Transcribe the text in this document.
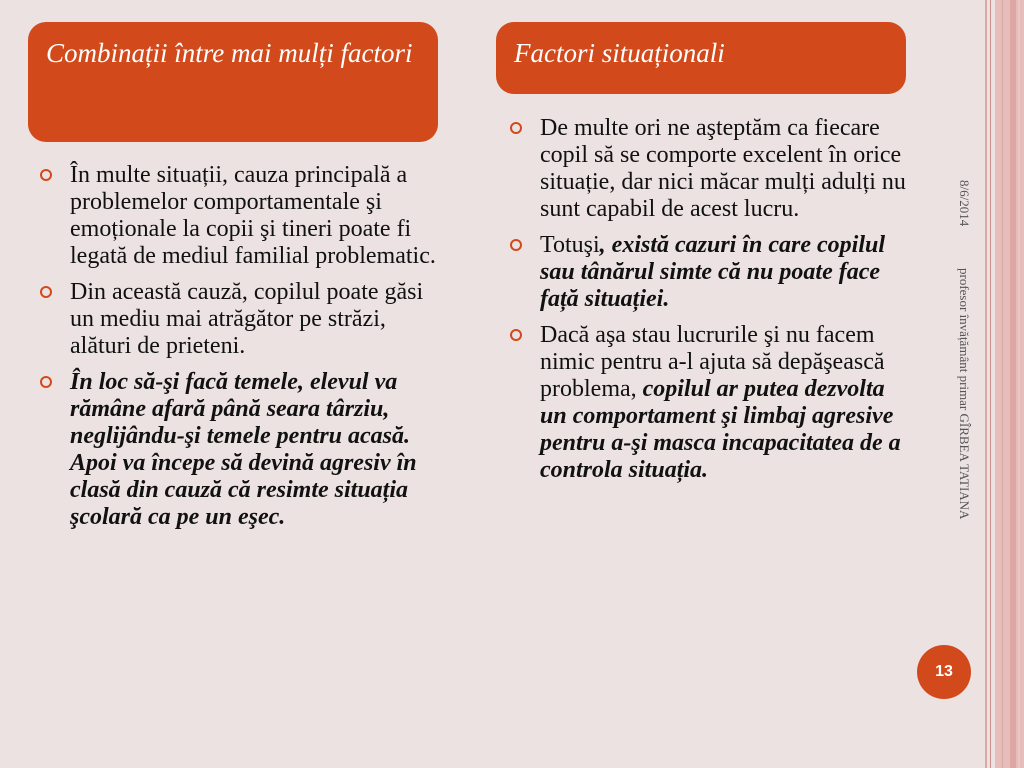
Combinații între mai mulți factori	Factori situaționali
În multe situații, cauza principală a problemelor comportamentale şi emoționale la copii şi tineri poate fi legată de mediul familial problematic.
Din această cauză, copilul poate găsi un mediu mai atrăgător pe străzi, alături de prieteni.
În loc să-şi facă temele, elevul va rămâne afară până seara târziu, neglijându-şi temele pentru acasă. Apoi va începe să devină agresiv în clasă din cauză că resimte situația şcolară ca pe un eşec.
De multe ori ne aşteptăm ca fiecare copil să se comporte excelent în orice situație, dar nici măcar mulți adulți nu sunt capabil de acest lucru.
Totuşi, există cazuri în care copilul sau tânărul simte că nu poate face față situației.
Dacă aşa stau lucrurile şi nu facem nimic pentru a-l ajuta să depăşească problema, copilul ar putea dezvolta un comportament şi limbaj agresive pentru a-şi masca incapacitatea de a controla situația.
8/6/2014
profesor învățământ primar GÎRBEA TATIANA
13
